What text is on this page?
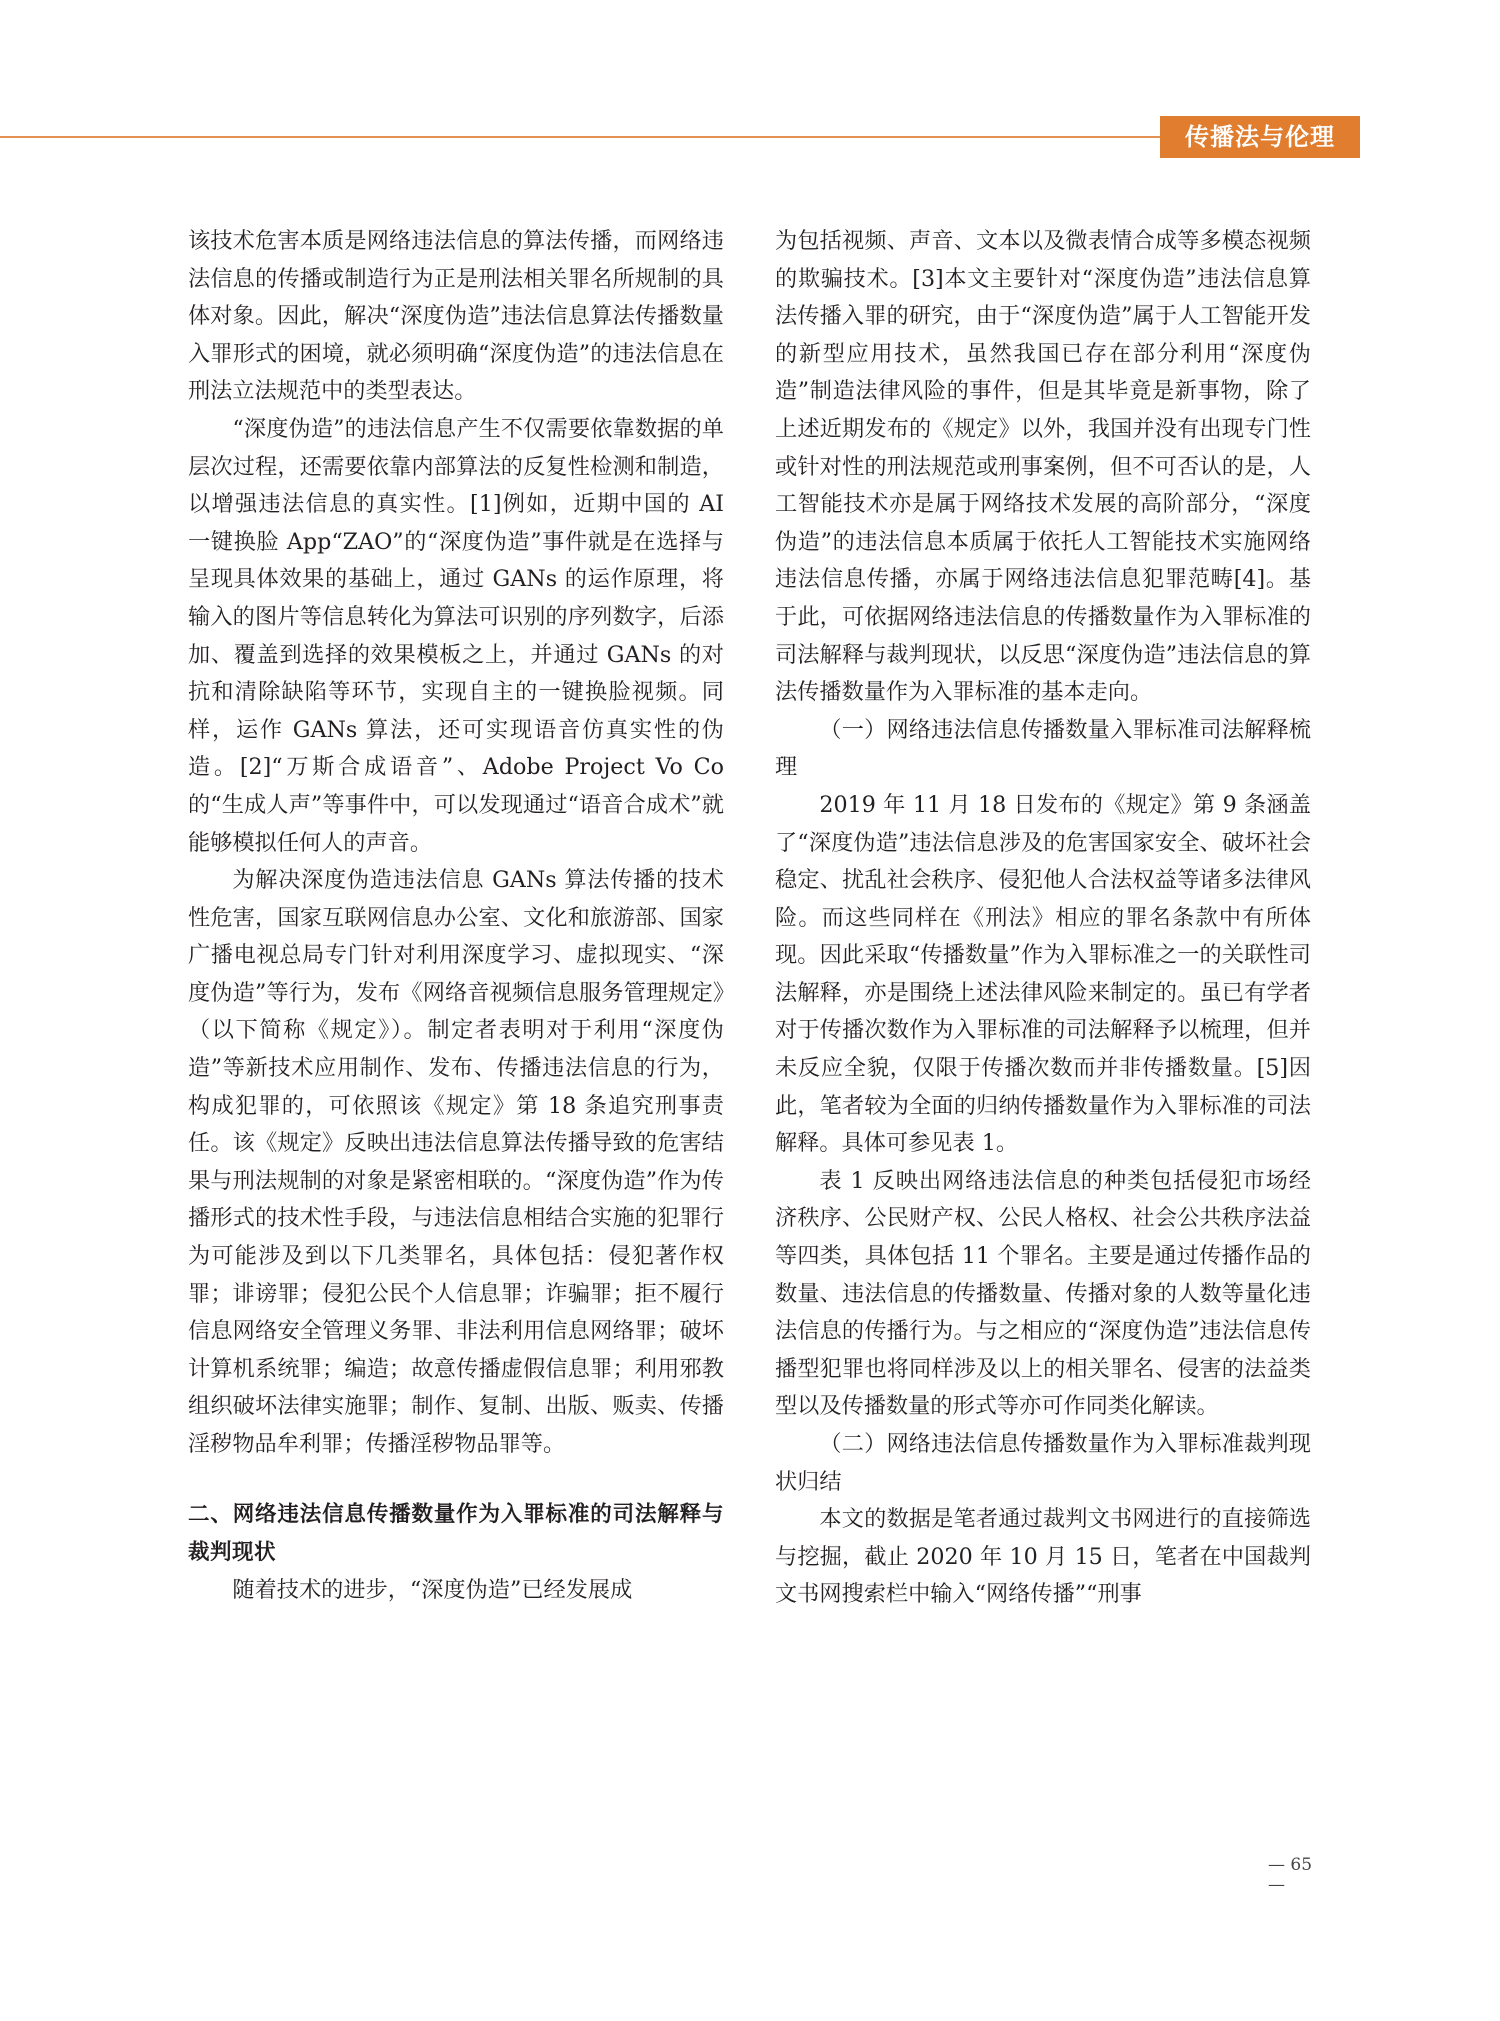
传播法与伦理

该技术危害本质是网络违法信息的算法传播，而网络违法信息的传播或制造行为正是刑法相关罪名所规制的具体对象。因此，解决“深度伪造”违法信息算法传播数量入罪形式的困境，就必须明确“深度伪造”的违法信息在刑法立法规范中的类型表达。

“深度伪造”的违法信息产生不仅需要依靠数据的单层次过程，还需要依靠内部算法的反复性检测和制造，以增强违法信息的真实性。[1]例如，近期中国的 AI 一键换脸 App“ZAO”的“深度伪造”事件就是在选择与呈现具体效果的基础上，通过 GANs 的运作原理，将输入的图片等信息转化为算法可识别的序列数字，后添加、覆盖到选择的效果模板之上，并通过 GANs 的对抗和清除缺陷等环节，实现自主的一键换脸视频。同样，运作 GANs 算法，还可实现语音仿真实性的伪造。[2]“万斯合成语音”、Adobe Project Vo Co 的“生成人声”等事件中，可以发现通过“语音合成术”就能够模拟任何人的声音。

为解决深度伪造违法信息 GANs 算法传播的技术性危害，国家互联网信息办公室、文化和旅游部、国家广播电视总局专门针对利用深度学习、虚拟现实、“深度伪造”等行为，发布《网络音视频信息服务管理规定》（以下简称《规定》）。制定者表明对于利用“深度伪造”等新技术应用制作、发布、传播违法信息的行为，构成犯罪的，可依照该《规定》第 18 条追究刑事责任。该《规定》反映出违法信息算法传播导致的危害结果与刑法规制的对象是紧密相联的。“深度伪造”作为传播形式的技术性手段，与违法信息相结合实施的犯罪行为可能涉及到以下几类罪名，具体包括：侵犯著作权罪；诽谤罪；侵犯公民个人信息罪；诈骗罪；拒不履行信息网络安全管理义务罪、非法利用信息网络罪；破坏计算机系统罪；编造；故意传播虚假信息罪；利用邪教组织破坏法律实施罪；制作、复制、出版、贩卖、传播淫秽物品牟利罪；传播淫秽物品罪等。

二、网络违法信息传播数量作为入罪标准的司法解释与裁判现状

随着技术的进步，“深度伪造”已经发展成

为包括视频、声音、文本以及微表情合成等多模态视频的欺骗技术。[3]本文主要针对“深度伪造”违法信息算法传播入罪的研究，由于“深度伪造”属于人工智能开发的新型应用技术，虽然我国已存在部分利用“深度伪造”制造法律风险的事件，但是其毕竟是新事物，除了上述近期发布的《规定》以外，我国并没有出现专门性或针对性的刑法规范或刑事案例，但不可否认的是，人工智能技术亦是属于网络技术发展的高阶部分，“深度伪造”的违法信息本质属于依托人工智能技术实施网络违法信息传播，亦属于网络违法信息犯罪范畴[4]。基于此，可依据网络违法信息的传播数量作为入罪标准的司法解释与裁判现状，以反思“深度伪造”违法信息的算法传播数量作为入罪标准的基本走向。

（一）网络违法信息传播数量入罪标准司法解释梳理

2019 年 11 月 18 日发布的《规定》第 9 条涵盖了“深度伪造”违法信息涉及的危害国家安全、破坏社会稳定、扰乱社会秩序、侵犯他人合法权益等诸多法律风险。而这些同样在《刑法》相应的罪名条款中有所体现。因此采取“传播数量”作为入罪标准之一的关联性司法解释，亦是围绕上述法律风险来制定的。虽已有学者对于传播次数作为入罪标准的司法解释予以梳理，但并未反应全貌，仅限于传播次数而并非传播数量。[5]因此，笔者较为全面的归纳传播数量作为入罪标准的司法解释。具体可参见表 1。

表 1 反映出网络违法信息的种类包括侵犯市场经济秩序、公民财产权、公民人格权、社会公共秩序法益等四类，具体包括 11 个罪名。主要是通过传播作品的数量、违法信息的传播数量、传播对象的人数等量化违法信息的传播行为。与之相应的“深度伪造”违法信息传播型犯罪也将同样涉及以上的相关罪名、侵害的法益类型以及传播数量的形式等亦可作同类化解读。

（二）网络违法信息传播数量作为入罪标准裁判现状归结

本文的数据是笔者通过裁判文书网进行的直接筛选与挖掘，截止 2020 年 10 月 15 日，笔者在中国裁判文书网搜索栏中输入“网络传播”“刑事

— 65 —
